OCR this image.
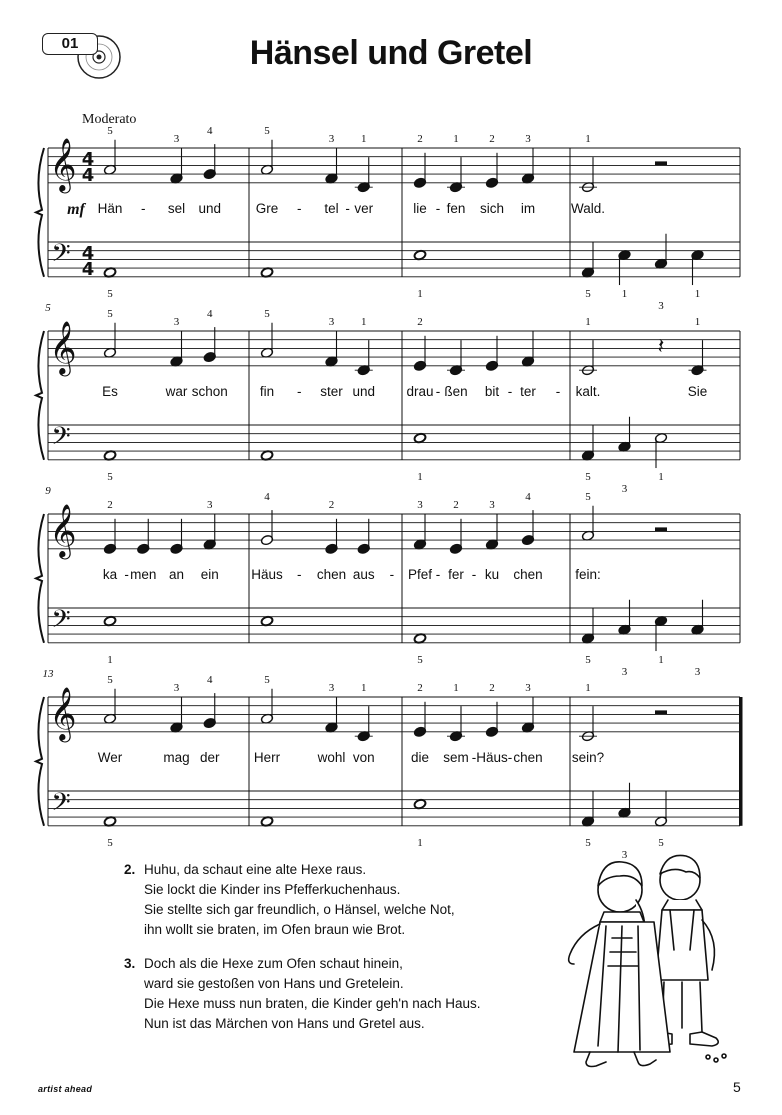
01	Hänsel und Gretel
Moderato
𝄞
𝄢
4
4
4
4
mf
5
Hän
3
sel
4
und
5
Gre
3
tel
1
ver
2
lie
1
fen
2
sich
3
im
1
Wald.
5	1	5	1
3
1
-	-	-	-
𝄞
𝄢
5	5
Es
3
war
4
schon
5
fin
3
ster
1
und
2
drau ßen bit ter
1
kalt.
𝄽
1
Sie
5	1	5
3
1
-	-	-	-
𝄞
𝄢
9
2
ka men an
3
ein
4
Häus
2
chen aus
3
Pfef
2
fer
3
ku
4
chen
5
fein:
1	5	5
3
1
3
-	-	-	- -
𝄞
𝄢
13	5
Wer
3
mag
4
der
5
Herr
3
wohl
1
von
2
die
1
sem
2
Häus
3
chen
1
sein?
5	1	5
3
5
- -
2. Huhu, da schaut eine alte Hexe raus.
Sie lockt die Kinder ins Pfefferkuchenhaus.
Sie stellte sich gar freundlich, o Hänsel, welche Not,
ihn wollt sie braten, im Ofen braun wie Brot.
3. Doch als die Hexe zum Ofen schaut hinein,
ward sie gestoßen von Hans und Gretelein.
Die Hexe muss nun braten, die Kinder geh'n nach Haus.
Nun ist das Märchen von Hans und Gretel aus.
artist ahead	5
